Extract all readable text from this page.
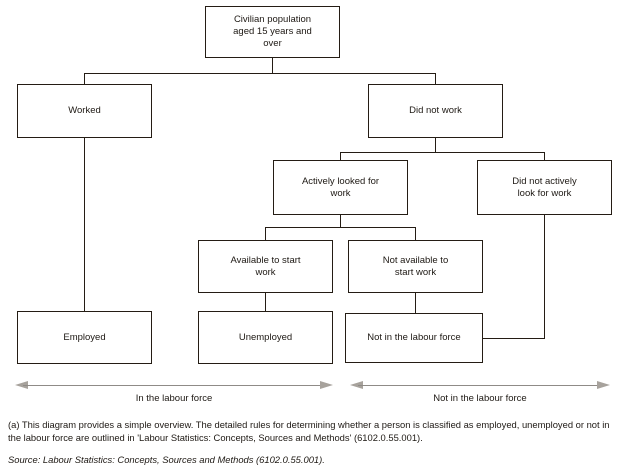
Civilian population aged 15 years and over
Worked	Did not work
Actively looked for work
Did not actively look for work
Available to start work
Not available to start work
Employed	Unemployed	Not in the labour force
In the labour force	Not in the labour force
(a) This diagram provides a simple overview. The detailed rules for determining whether a person is classified as employed, unemployed or not in the labour force are outlined in 'Labour Statistics: Concepts, Sources and Methods' (6102.0.55.001).
Source: Labour Statistics: Concepts, Sources and Methods (6102.0.55.001).
